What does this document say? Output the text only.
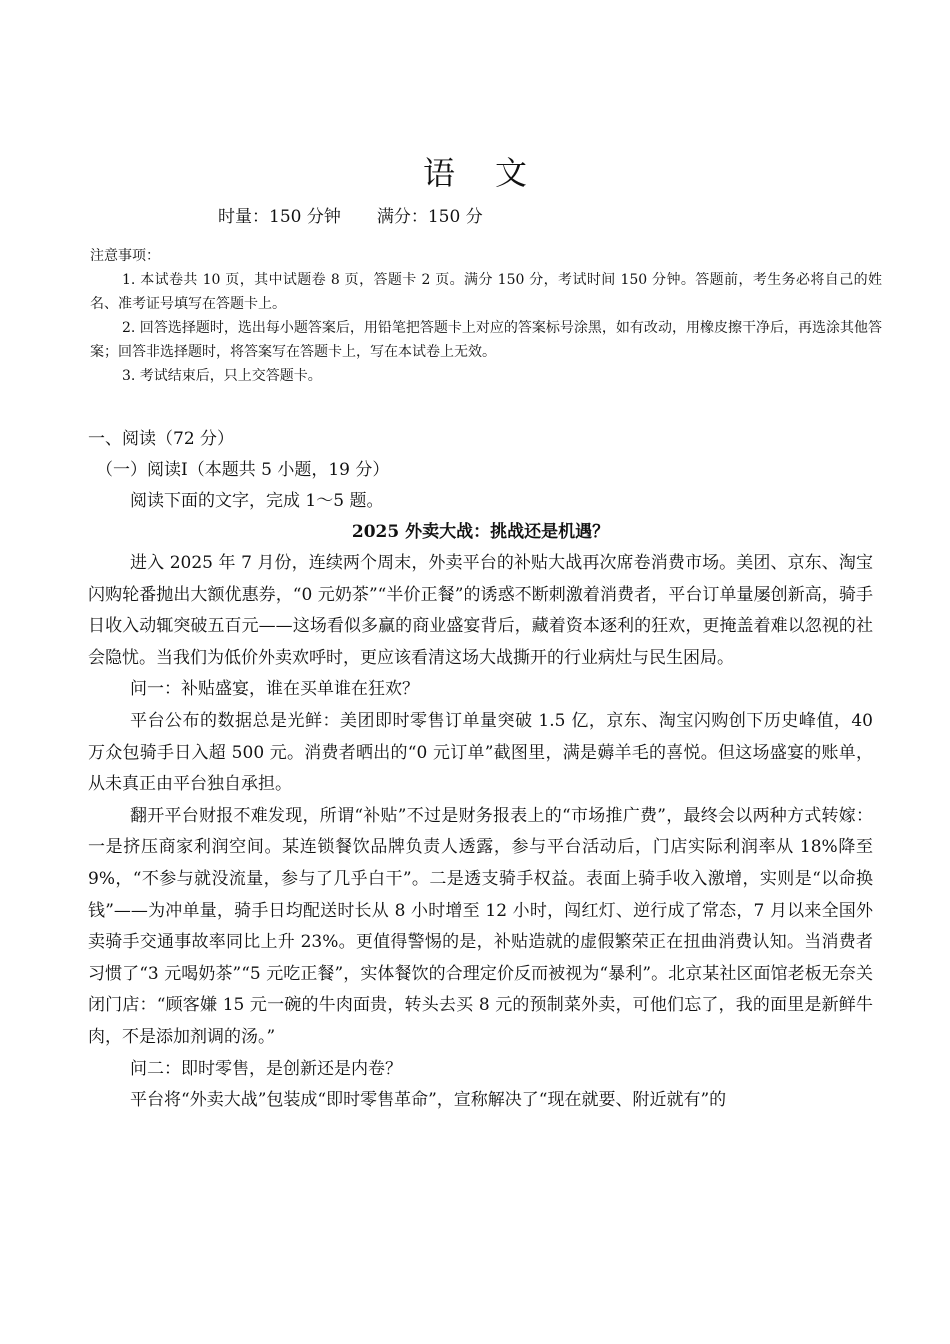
语文
时量：150 分钟 满分：150 分

注意事项：

1. 本试卷共 10 页，其中试题卷 8 页，答题卡 2 页。满分 150 分，考试时间 150 分钟。答题前，考生务必将自己的姓名、准考证号填写在答题卡上。

2. 回答选择题时，选出每小题答案后，用铅笔把答题卡上对应的答案标号涂黑，如有改动，用橡皮擦干净后，再选涂其他答案；回答非选择题时，将答案写在答题卡上，写在本试卷上无效。

3. 考试结束后，只上交答题卡。

一、阅读（72 分）

（一）阅读Ⅰ（本题共 5 小题，19 分）

阅读下面的文字，完成 1～5 题。

2025 外卖大战：挑战还是机遇？

进入 2025 年 7 月份，连续两个周末，外卖平台的补贴大战再次席卷消费市场。美团、京东、淘宝闪购轮番抛出大额优惠券，“0 元奶茶”“半价正餐”的诱惑不断刺激着消费者，平台订单量屡创新高，骑手日收入动辄突破五百元——这场看似多赢的商业盛宴背后，藏着资本逐利的狂欢，更掩盖着难以忽视的社会隐忧。当我们为低价外卖欢呼时，更应该看清这场大战撕开的行业病灶与民生困局。

问一：补贴盛宴，谁在买单谁在狂欢？

平台公布的数据总是光鲜：美团即时零售订单量突破 1.5 亿，京东、淘宝闪购创下历史峰值，40 万众包骑手日入超 500 元。消费者晒出的“0 元订单”截图里，满是薅羊毛的喜悦。但这场盛宴的账单，从未真正由平台独自承担。

翻开平台财报不难发现，所谓“补贴”不过是财务报表上的“市场推广费”，最终会以两种方式转嫁：一是挤压商家利润空间。某连锁餐饮品牌负责人透露，参与平台活动后，门店实际利润率从 18%降至 9%，“不参与就没流量，参与了几乎白干”。二是透支骑手权益。表面上骑手收入激增，实则是“以命换钱”——为冲单量，骑手日均配送时长从 8 小时增至 12 小时，闯红灯、逆行成了常态，7 月以来全国外卖骑手交通事故率同比上升 23%。更值得警惕的是，补贴造就的虚假繁荣正在扭曲消费认知。当消费者习惯了“3 元喝奶茶”“5 元吃正餐”，实体餐饮的合理定价反而被视为“暴利”。北京某社区面馆老板无奈关闭门店：“顾客嫌 15 元一碗的牛肉面贵，转头去买 8 元的预制菜外卖，可他们忘了，我的面里是新鲜牛肉，不是添加剂调的汤。”

问二：即时零售，是创新还是内卷？

平台将“外卖大战”包装成“即时零售革命”，宣称解决了“现在就要、附近就有”的
